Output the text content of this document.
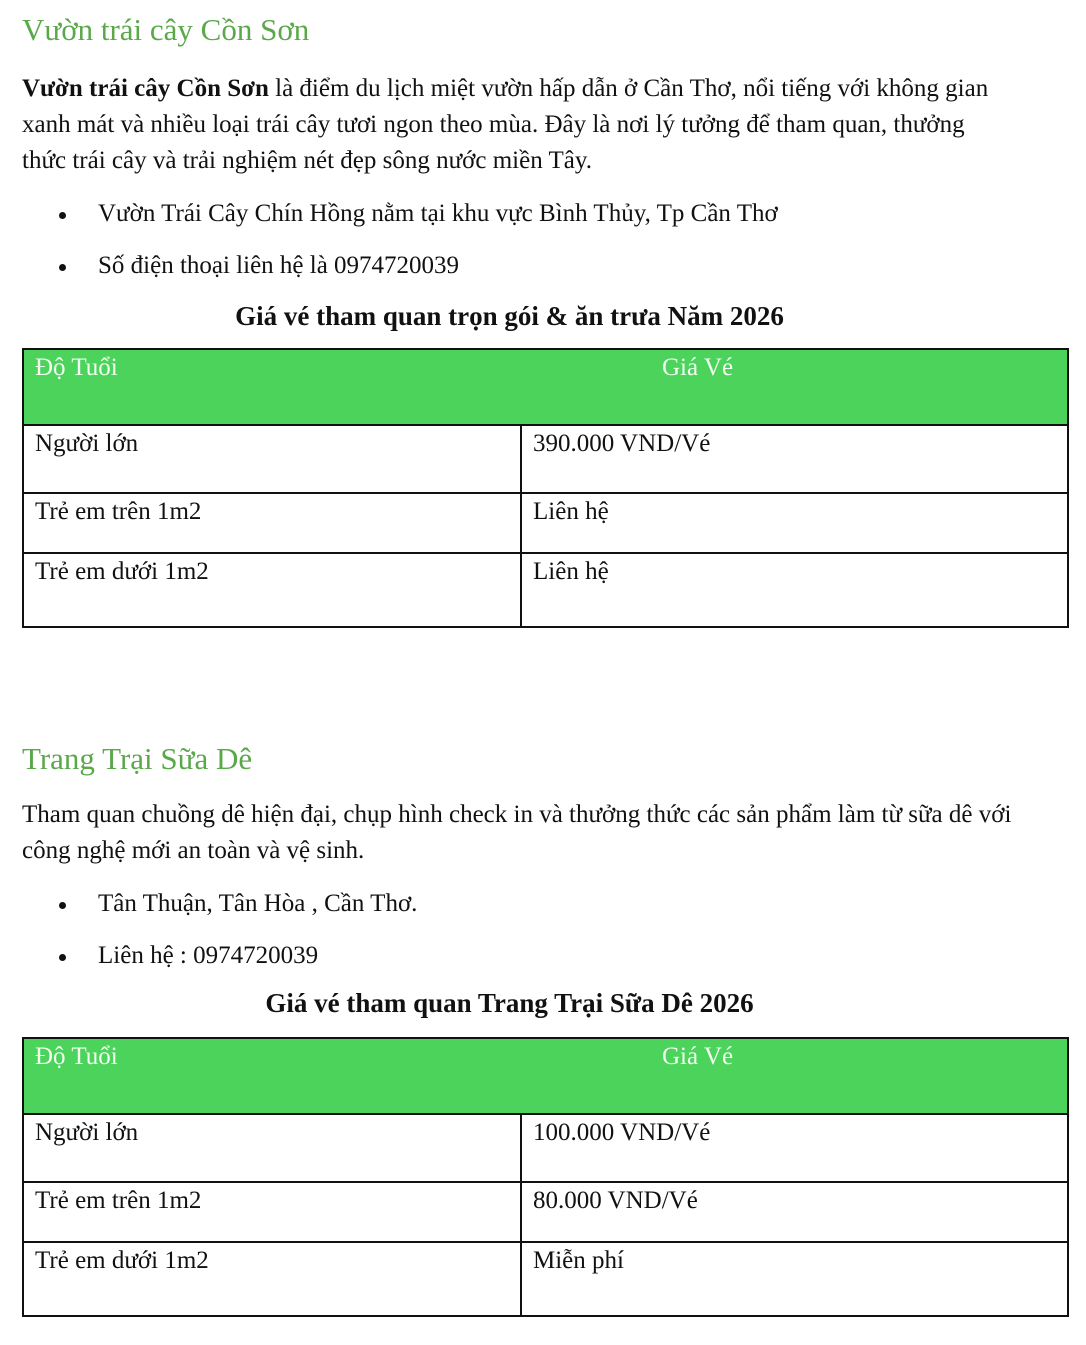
Vườn trái cây Cồn Sơn

Vườn trái cây Cồn Sơn là điểm du lịch miệt vườn hấp dẫn ở Cần Thơ, nổi tiếng với không gian xanh mát và nhiều loại trái cây tươi ngon theo mùa. Đây là nơi lý tưởng để tham quan, thưởng thức trái cây và trải nghiệm nét đẹp sông nước miền Tây.

Vườn Trái Cây Chín Hồng nằm tại khu vực Bình Thủy, Tp Cần Thơ
Số điện thoại liên hệ là 0974720039

Giá vé tham quan trọn gói & ăn trưa Năm 2026

Độ Tuổi	Giá Vé
Người lớn	390.000 VND/Vé
Trẻ em trên 1m2	Liên hệ
Trẻ em dưới 1m2	Liên hệ
Trang Trại Sữa Dê

Tham quan chuồng dê hiện đại, chụp hình check in và thưởng thức các sản phẩm làm từ sữa dê với công nghệ mới an toàn và vệ sinh.

Tân Thuận, Tân Hòa , Cần Thơ.
Liên hệ : 0974720039

Giá vé tham quan Trang Trại Sữa Dê 2026

Độ Tuổi	Giá Vé
Người lớn	100.000 VND/Vé
Trẻ em trên 1m2	80.000 VND/Vé
Trẻ em dưới 1m2	Miễn phí
